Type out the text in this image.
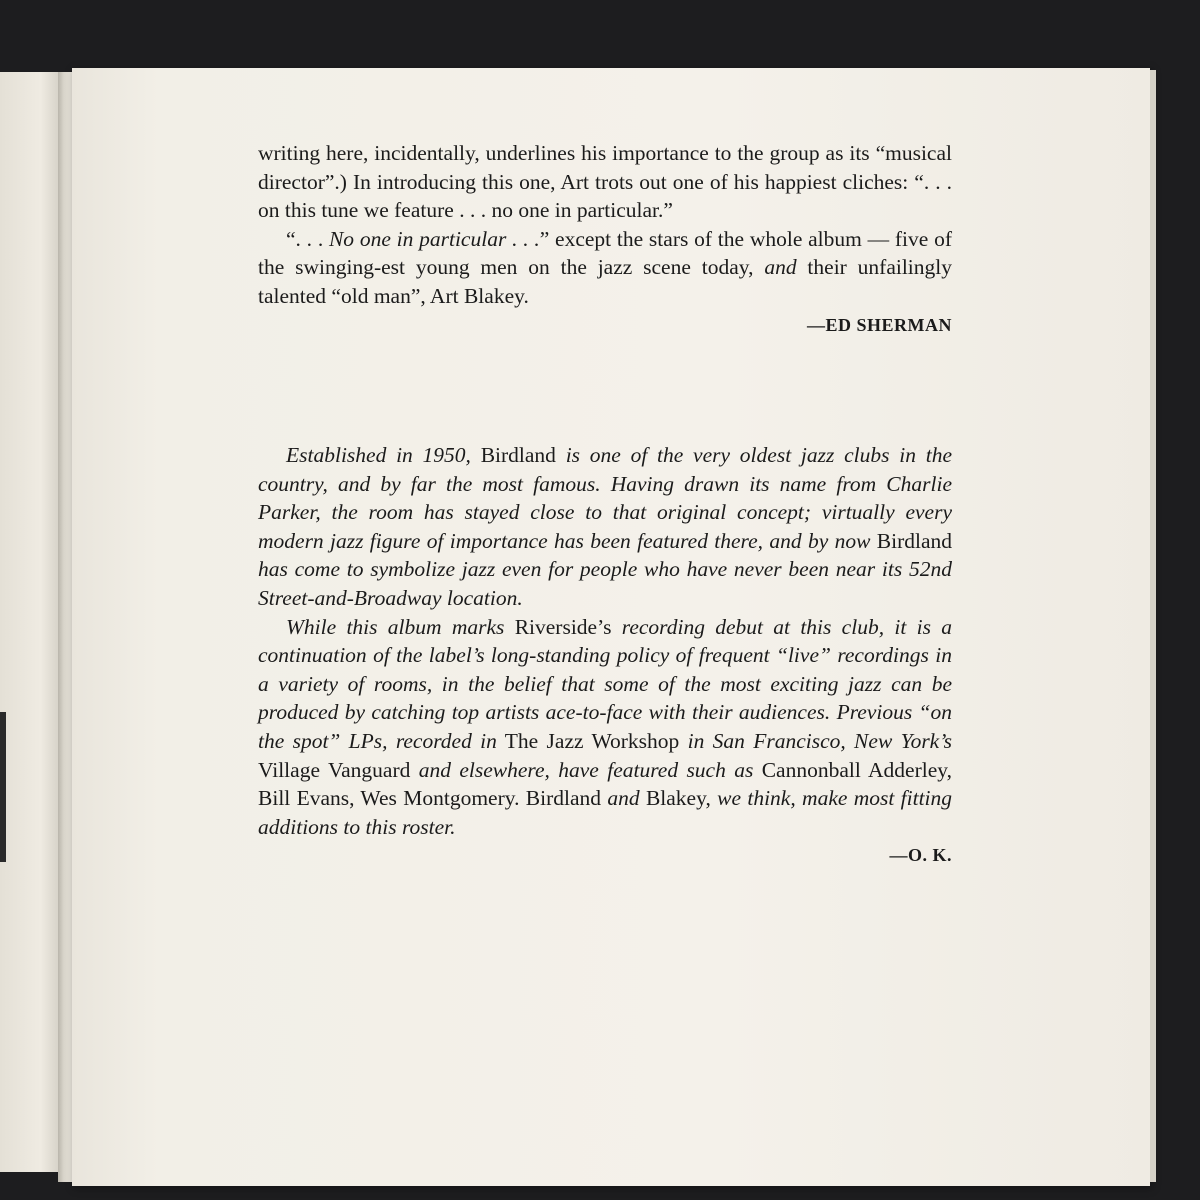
writing here, incidentally, underlines his importance to the group as its “musical director”.) In introducing this one, Art trots out one of his happiest cliches: “. . . on this tune we feature . . . no one in particular.”

“. . . No one in particular . . .” except the stars of the whole album — five of the swinging-est young men on the jazz scene today, and their unfailingly talented “old man”, Art Blakey.

—ED SHERMAN

Established in 1950, Birdland is one of the very oldest jazz clubs in the country, and by far the most famous. Having drawn its name from Charlie Parker, the room has stayed close to that original concept; virtually every modern jazz figure of importance has been featured there, and by now Birdland has come to symbolize jazz even for people who have never been near its 52nd Street-and-Broadway location.

While this album marks Riverside’s recording debut at this club, it is a continuation of the label’s long-standing policy of frequent “live” recordings in a variety of rooms, in the belief that some of the most exciting jazz can be produced by catching top artists ace-to-face with their audiences. Previous “on the spot” LPs, recorded in The Jazz Workshop in San Francisco, New York’s Village Vanguard and elsewhere, have featured such as Cannonball Adderley, Bill Evans, Wes Montgomery. Birdland and Blakey, we think, make most fitting additions to this roster.

—O. K.
